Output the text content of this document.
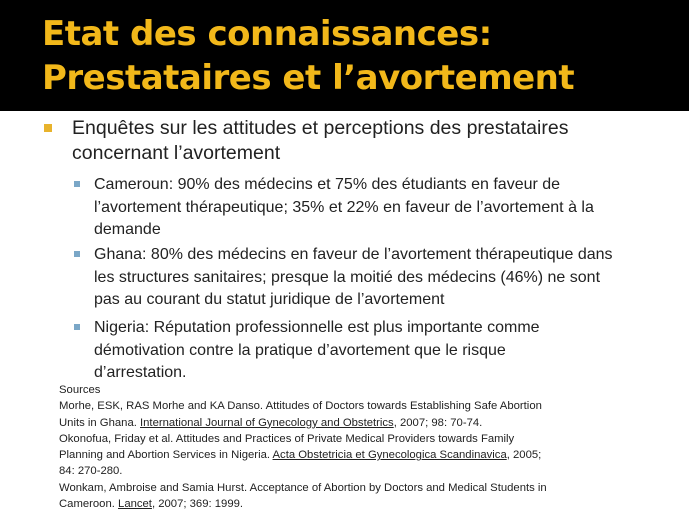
Etat des connaissances:
Prestataires et l’avortement
Enquêtes sur les attitudes et perceptions des prestataires
concernant l’avortement
Cameroun: 90% des médecins et 75% des étudiants en faveur de
l’avortement thérapeutique; 35% et 22% en faveur de l’avortement à la
demande
Ghana: 80% des médecins en faveur de l’avortement thérapeutique dans
les structures sanitaires; presque la moitié des médecins (46%) ne sont
pas au courant du statut juridique de l’avortement
Nigeria: Réputation professionnelle est plus importante comme
démotivation contre la pratique d’avortement que le risque
d’arrestation.
Sources
Morhe, ESK, RAS Morhe and KA Danso. Attitudes of Doctors towards Establishing Safe Abortion
Units in Ghana. International Journal of Gynecology and Obstetrics, 2007; 98: 70-74.
Okonofua, Friday et al. Attitudes and Practices of Private Medical Providers towards Family
Planning and Abortion Services in Nigeria. Acta Obstetricia et Gynecologica Scandinavica, 2005;
84: 270-280.
Wonkam, Ambroise and Samia Hurst. Acceptance of Abortion by Doctors and Medical Students in
Cameroon. Lancet, 2007; 369: 1999.
